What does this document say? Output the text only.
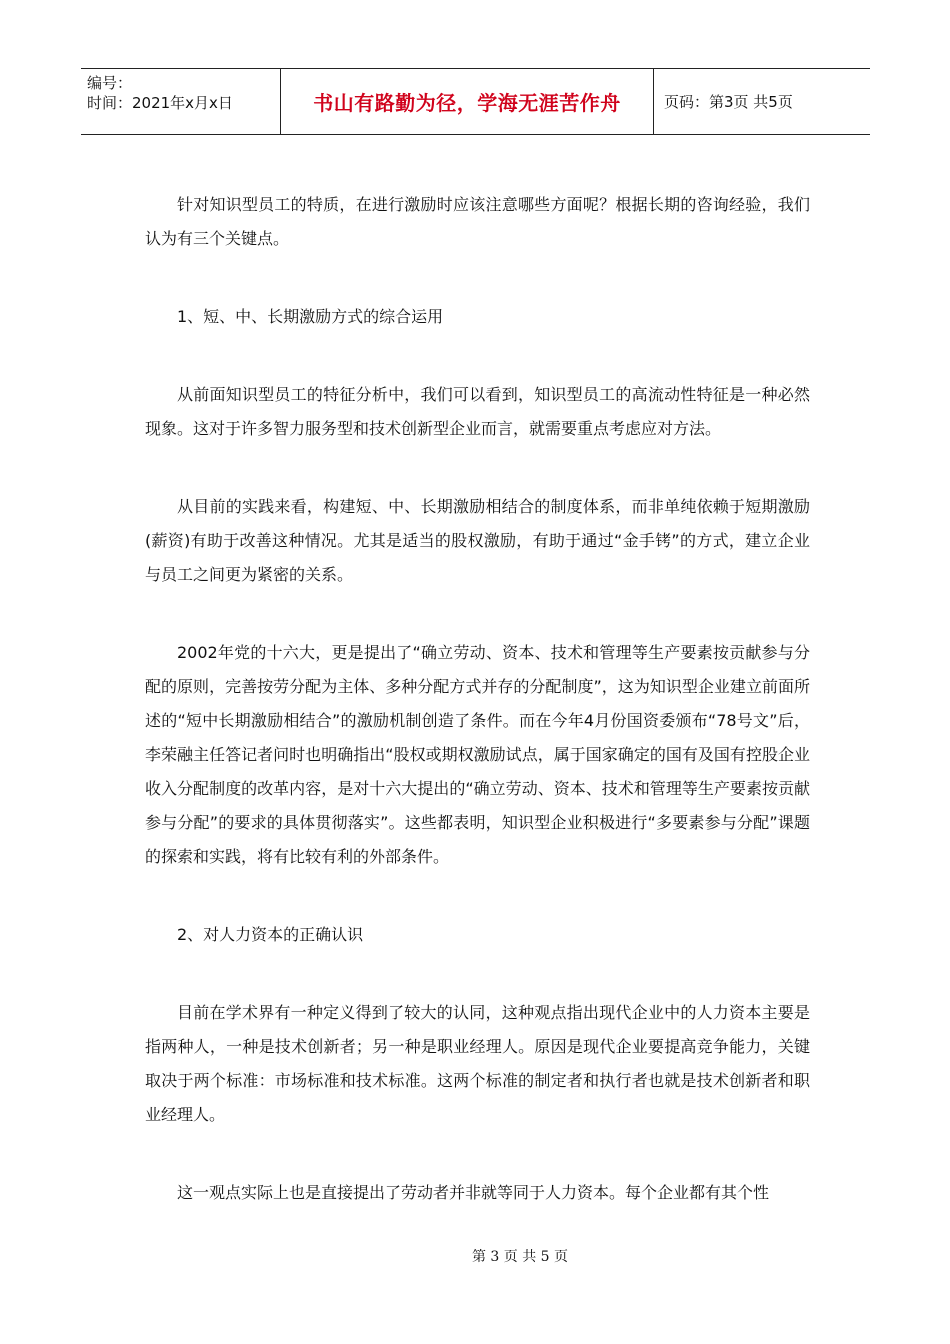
编号：
时间：2021年x月x日	书山有路勤为径，学海无涯苦作舟	页码：第3页 共5页

针对知识型员工的特质，在进行激励时应该注意哪些方面呢？根据长期的咨询经验，我们认为有三个关键点。

1、短、中、长期激励方式的综合运用

从前面知识型员工的特征分析中，我们可以看到，知识型员工的高流动性特征是一种必然现象。这对于许多智力服务型和技术创新型企业而言，就需要重点考虑应对方法。

从目前的实践来看，构建短、中、长期激励相结合的制度体系，而非单纯依赖于短期激励(薪资)有助于改善这种情况。尤其是适当的股权激励，有助于通过“金手铐”的方式，建立企业与员工之间更为紧密的关系。

2002年党的十六大，更是提出了“确立劳动、资本、技术和管理等生产要素按贡献参与分配的原则，完善按劳分配为主体、多种分配方式并存的分配制度”，这为知识型企业建立前面所述的“短中长期激励相结合”的激励机制创造了条件。而在今年4月份国资委颁布“78号文”后，李荣融主任答记者问时也明确指出“股权或期权激励试点，属于国家确定的国有及国有控股企业收入分配制度的改革内容，是对十六大提出的“确立劳动、资本、技术和管理等生产要素按贡献参与分配”的要求的具体贯彻落实”。这些都表明，知识型企业积极进行“多要素参与分配”课题的探索和实践，将有比较有利的外部条件。

2、对人力资本的正确认识

目前在学术界有一种定义得到了较大的认同，这种观点指出现代企业中的人力资本主要是指两种人，一种是技术创新者；另一种是职业经理人。原因是现代企业要提高竞争能力，关键取决于两个标准：市场标准和技术标准。这两个标准的制定者和执行者也就是技术创新者和职业经理人。

这一观点实际上也是直接提出了劳动者并非就等同于人力资本。每个企业都有其个性

第 3 页 共 5 页
